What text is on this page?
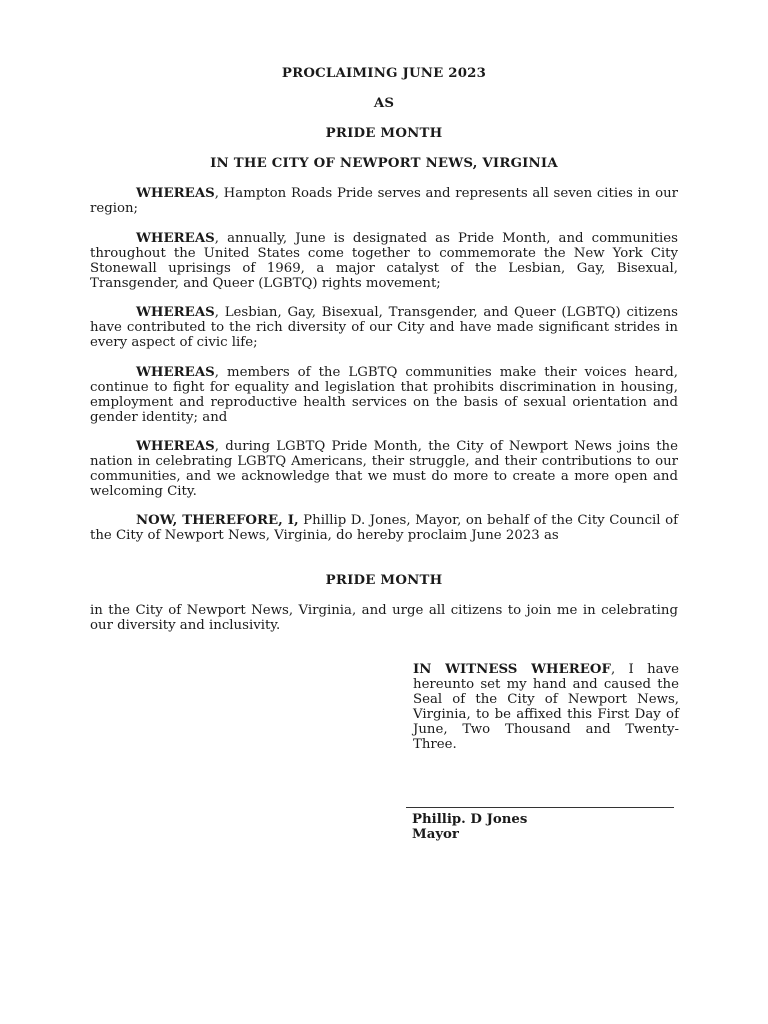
PROCLAIMING JUNE 2023
AS
PRIDE MONTH
IN THE CITY OF NEWPORT NEWS, VIRGINIA

WHEREAS, Hampton Roads Pride serves and represents all seven cities in our region;

WHEREAS, annually, June is designated as Pride Month, and communities throughout the United States come together to commemorate the New York City Stonewall uprisings of 1969, a major catalyst of the Lesbian, Gay, Bisexual, Transgender, and Queer (LGBTQ) rights movement;

WHEREAS, Lesbian, Gay, Bisexual, Transgender, and Queer (LGBTQ) citizens have contributed to the rich diversity of our City and have made significant strides in every aspect of civic life;

WHEREAS, members of the LGBTQ communities make their voices heard, continue to fight for equality and legislation that prohibits discrimination in housing, employment and reproductive health services on the basis of sexual orientation and gender identity; and

WHEREAS, during LGBTQ Pride Month, the City of Newport News joins the nation in celebrating LGBTQ Americans, their struggle, and their contributions to our communities, and we acknowledge that we must do more to create a more open and welcoming City.

NOW, THEREFORE, I, Phillip D. Jones, Mayor, on behalf of the City Council of the City of Newport News, Virginia, do hereby proclaim June 2023 as

PRIDE MONTH

in the City of Newport News, Virginia, and urge all citizens to join me in celebrating our diversity and inclusivity.

IN WITNESS WHEREOF, I have hereunto set my hand and caused the Seal of the City of Newport News, Virginia, to be affixed this First Day of June, Two Thousand and Twenty-Three.

Phillip. D Jones
Mayor
